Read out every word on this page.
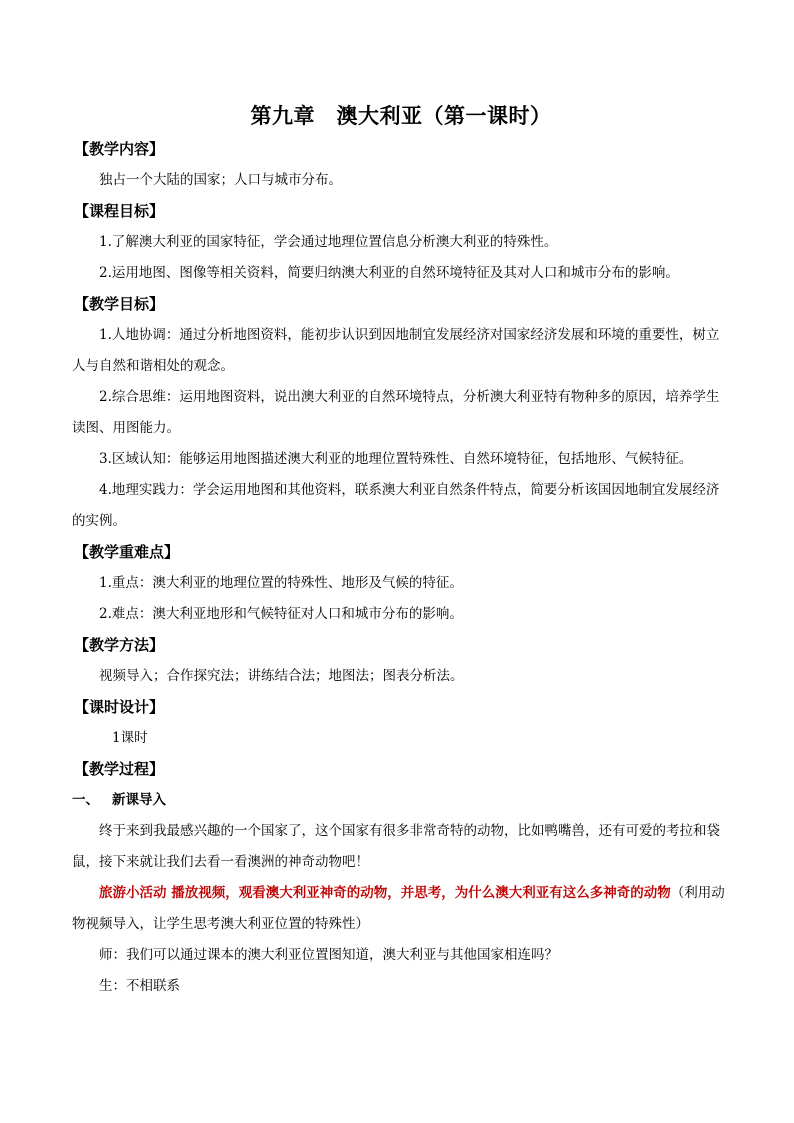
第九章　澳大利亚（第一课时）

【教学内容】

独占一个大陆的国家；人口与城市分布。

【课程目标】

1.了解澳大利亚的国家特征，学会通过地理位置信息分析澳大利亚的特殊性。

2.运用地图、图像等相关资料，简要归纳澳大利亚的自然环境特征及其对人口和城市分布的影响。

【教学目标】

1.人地协调：通过分析地图资料，能初步认识到因地制宜发展经济对国家经济发展和环境的重要性，树立人与自然和谐相处的观念。

2.综合思维：运用地图资料，说出澳大利亚的自然环境特点，分析澳大利亚特有物种多的原因，培养学生读图、用图能力。

3.区域认知：能够运用地图描述澳大利亚的地理位置特殊性、自然环境特征，包括地形、气候特征。

4.地理实践力：学会运用地图和其他资料，联系澳大利亚自然条件特点，简要分析该国因地制宜发展经济的实例。

【教学重难点】

1.重点：澳大利亚的地理位置的特殊性、地形及气候的特征。

2.难点：澳大利亚地形和气候特征对人口和城市分布的影响。

【教学方法】

视频导入；合作探究法；讲练结合法；地图法；图表分析法。

【课时设计】

1课时

【教学过程】

一、 新课导入

终于来到我最感兴趣的一个国家了，这个国家有很多非常奇特的动物，比如鸭嘴兽，还有可爱的考拉和袋鼠，接下来就让我们去看一看澳洲的神奇动物吧！

旅游小活动 播放视频，观看澳大利亚神奇的动物，并思考，为什么澳大利亚有这么多神奇的动物（利用动物视频导入，让学生思考澳大利亚位置的特殊性）

师：我们可以通过课本的澳大利亚位置图知道，澳大利亚与其他国家相连吗？

生：不相联系
